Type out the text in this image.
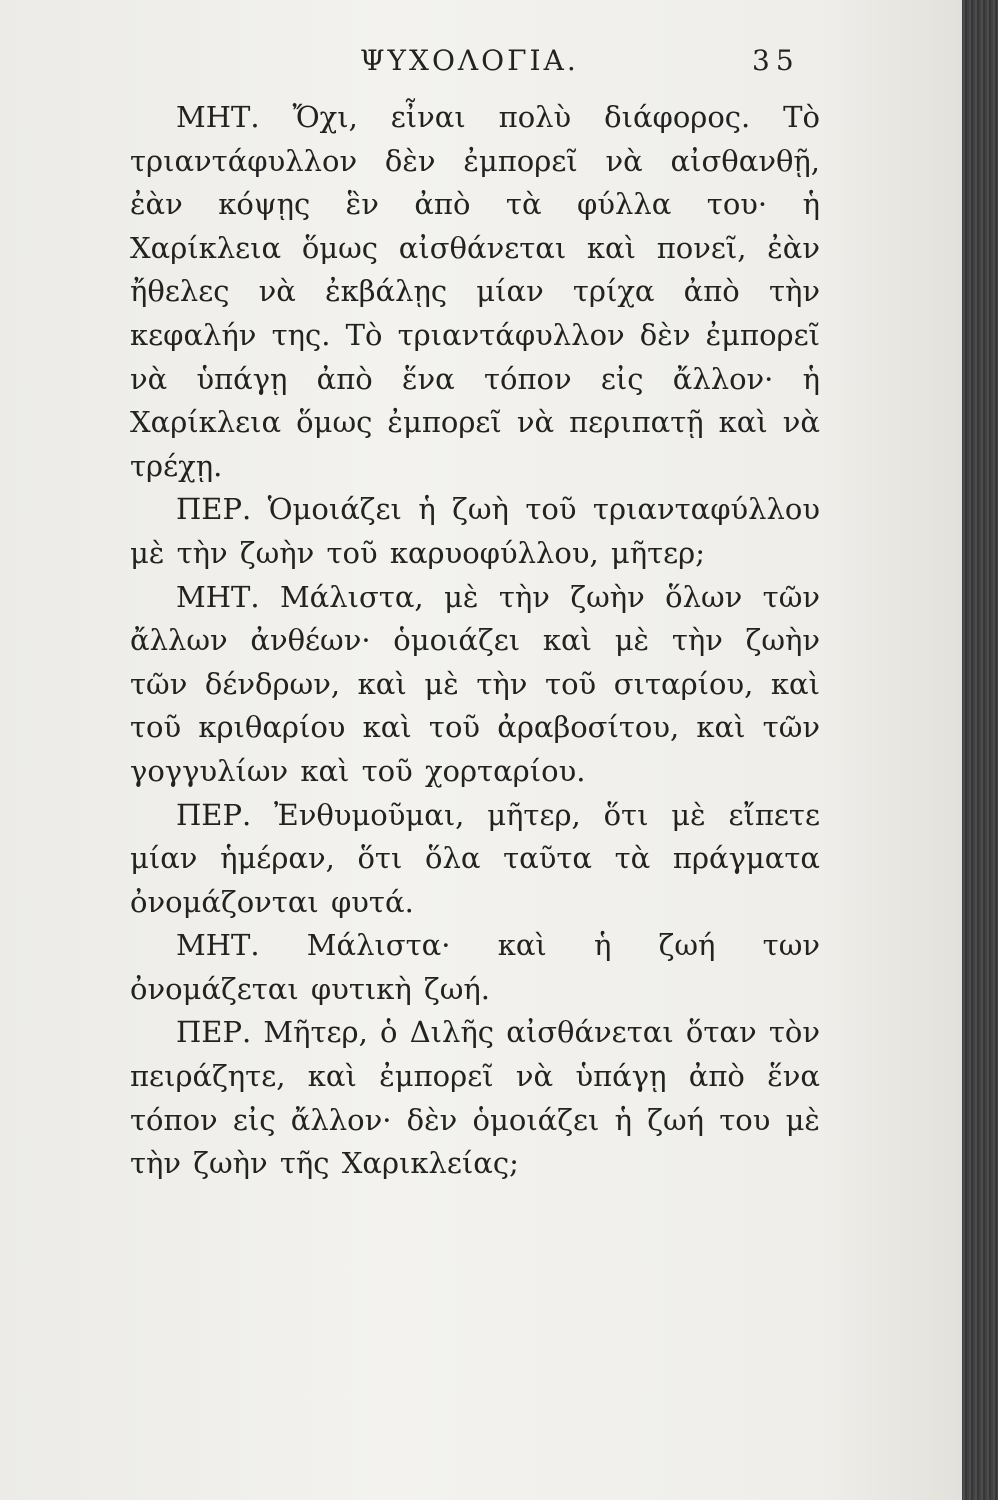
ΨΥΧΟΛΟΓΙΑ.	35

ΜΗΤ. Ὄχι, εἶναι πολὺ διάφορος. Τὸ τριαντάφυλλον δὲν ἐμπορεῖ νὰ αἰσθανθῇ, ἐὰν κόψῃς ἓν ἀπὸ τὰ φύλλα του· ἡ Χαρίκλεια ὅμως αἰσθάνεται καὶ πονεῖ, ἐὰν ἤθελες νὰ ἐκβάλῃς μίαν τρίχα ἀπὸ τὴν κεφαλήν της. Τὸ τριαντάφυλλον δὲν ἐμπορεῖ νὰ ὑπάγῃ ἀπὸ ἕνα τόπον εἰς ἄλλον· ἡ Χαρίκλεια ὅμως ἐμπορεῖ νὰ περιπατῇ καὶ νὰ τρέχῃ.

ΠΕΡ. Ὁμοιάζει ἡ ζωὴ τοῦ τριανταφύλλου μὲ τὴν ζωὴν τοῦ καρυοφύλλου, μῆτερ;

ΜΗΤ. Μάλιστα, μὲ τὴν ζωὴν ὅλων τῶν ἄλλων ἀνθέων· ὁμοιάζει καὶ μὲ τὴν ζωὴν τῶν δένδρων, καὶ μὲ τὴν τοῦ σιταρίου, καὶ τοῦ κριθαρίου καὶ τοῦ ἀραβοσίτου, καὶ τῶν γογγυλίων καὶ τοῦ χορταρίου.

ΠΕΡ. Ἐνθυμοῦμαι, μῆτερ, ὅτι μὲ εἴπετε μίαν ἡμέραν, ὅτι ὅλα ταῦτα τὰ πράγματα ὀνομάζονται φυτά.

ΜΗΤ. Μάλιστα· καὶ ἡ ζωή των ὀνομάζεται φυτικὴ ζωή.

ΠΕΡ. Μῆτερ, ὁ Διλῆς αἰσθάνεται ὅταν τὸν πειράζητε, καὶ ἐμπορεῖ νὰ ὑπάγῃ ἀπὸ ἕνα τόπον εἰς ἄλλον· δὲν ὁμοιάζει ἡ ζωή του μὲ τὴν ζωὴν τῆς Χαρικλείας;
